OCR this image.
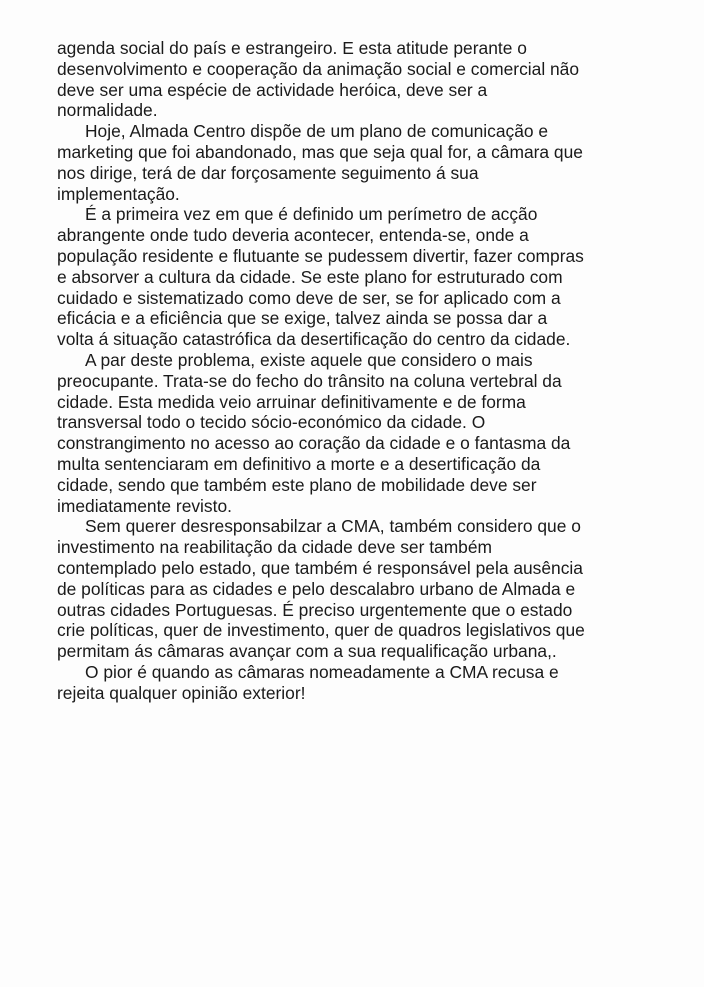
agenda social do país e estrangeiro. E esta atitude perante o
desenvolvimento e cooperação da animação social e comercial não
deve ser uma espécie de actividade heróica, deve ser a
normalidade.
Hoje, Almada Centro dispõe de um plano de comunicação e
marketing que foi abandonado, mas que seja qual for, a câmara que
nos dirige, terá de dar forçosamente seguimento á sua
implementação.
É a primeira vez em que é definido um perímetro de acção
abrangente onde tudo deveria acontecer, entenda-se, onde a
população residente e flutuante se pudessem divertir, fazer compras
e absorver a cultura da cidade. Se este plano for estruturado com
cuidado e sistematizado como deve de ser, se for aplicado com a
eficácia e a eficiência que se exige, talvez ainda se possa dar a
volta á situação catastrófica da desertificação do centro da cidade.
A par deste problema, existe aquele que considero o mais
preocupante. Trata-se do fecho do trânsito na coluna vertebral da
cidade. Esta medida veio arruinar definitivamente e de forma
transversal todo o tecido sócio-económico da cidade. O
constrangimento no acesso ao coração da cidade e o fantasma da
multa sentenciaram em definitivo a morte e a desertificação da
cidade, sendo que também este plano de mobilidade deve ser
imediatamente revisto.
Sem querer desresponsabilzar a CMA, também considero que o
investimento na reabilitação da cidade deve ser também
contemplado pelo estado, que também é responsável pela ausência
de políticas para as cidades e pelo descalabro urbano de Almada e
outras cidades Portuguesas. É preciso urgentemente que o estado
crie políticas, quer de investimento, quer de quadros legislativos que
permitam ás câmaras avançar com a sua requalificação urbana,.
O pior é quando as câmaras nomeadamente a CMA recusa e
rejeita qualquer opinião exterior!
